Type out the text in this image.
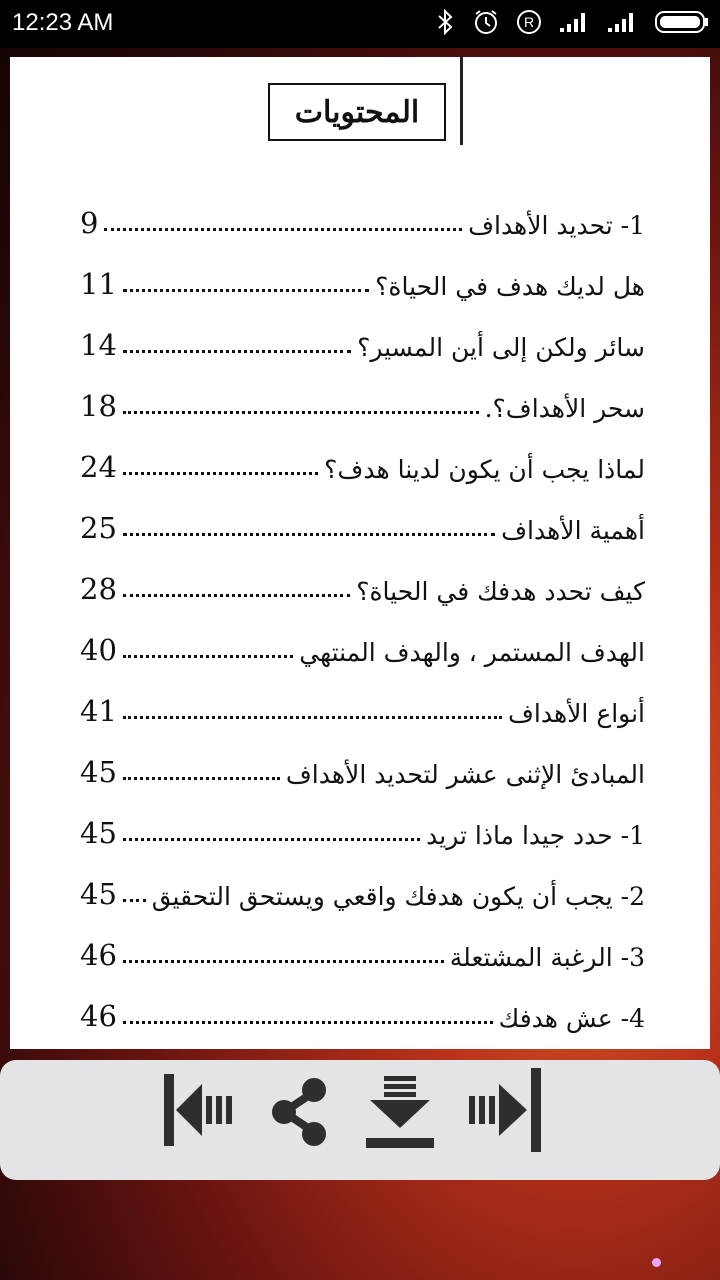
12:23 AM	R
المحتويات
1- تحديد الأهداف
9
هل لديك هدف في الحياة؟
11
سائر ولكن إلى أين المسير؟
14
سحر الأهداف؟.
18
لماذا يجب أن يكون لدينا هدف؟
24
أهمية الأهداف
25
كيف تحدد هدفك في الحياة؟
28
الهدف المستمر ، والهدف المنتهي
40
أنواع الأهداف
41
المبادئ الإثنى عشر لتحديد الأهداف
45
1- حدد جيدا ماذا تريد
45
2- يجب أن يكون هدفك واقعي ويستحق التحقيق
45
3- الرغبة المشتعلة
46
4- عش هدفك
46
